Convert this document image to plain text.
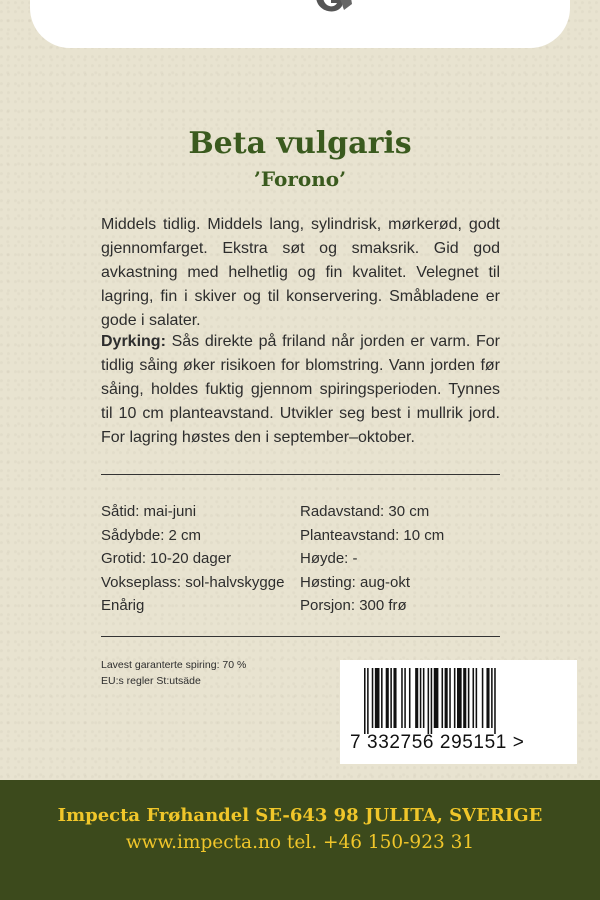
Beta vulgaris
’Forono’

Middels tidlig. Middels lang, sylindrisk, mørkerød, godt gjennomfarget. Ekstra søt og smaksrik. Gid god avkastning med helhetlig og fin kvalitet. Velegnet til lagring, fin i skiver og til konservering. Småbladene er gode i salater.

Dyrking: Sås direkte på friland når jorden er varm. For tidlig såing øker risikoen for blomstring. Vann jorden før såing, holdes fuktig gjennom spiringsperioden. Tynnes til 10 cm planteavstand. Utvikler seg best i mullrik jord. For lagring høstes den i september–oktober.

Såtid: mai-juni
Sådybde: 2 cm
Grotid: 10-20 dager
Vokseplass: sol-halvskygge
Enårig
Radavstand: 30 cm
Planteavstand: 10 cm
Høyde: -
Høsting: aug-okt
Porsjon: 300 frø
Lavest garanterte spiring: 70 %
EU:s regler St:utsäde
7 332756 295151 >
Impecta Frøhandel SE-643 98 JULITA, SVERIGE
www.impecta.no tel. +46 150-923 31
